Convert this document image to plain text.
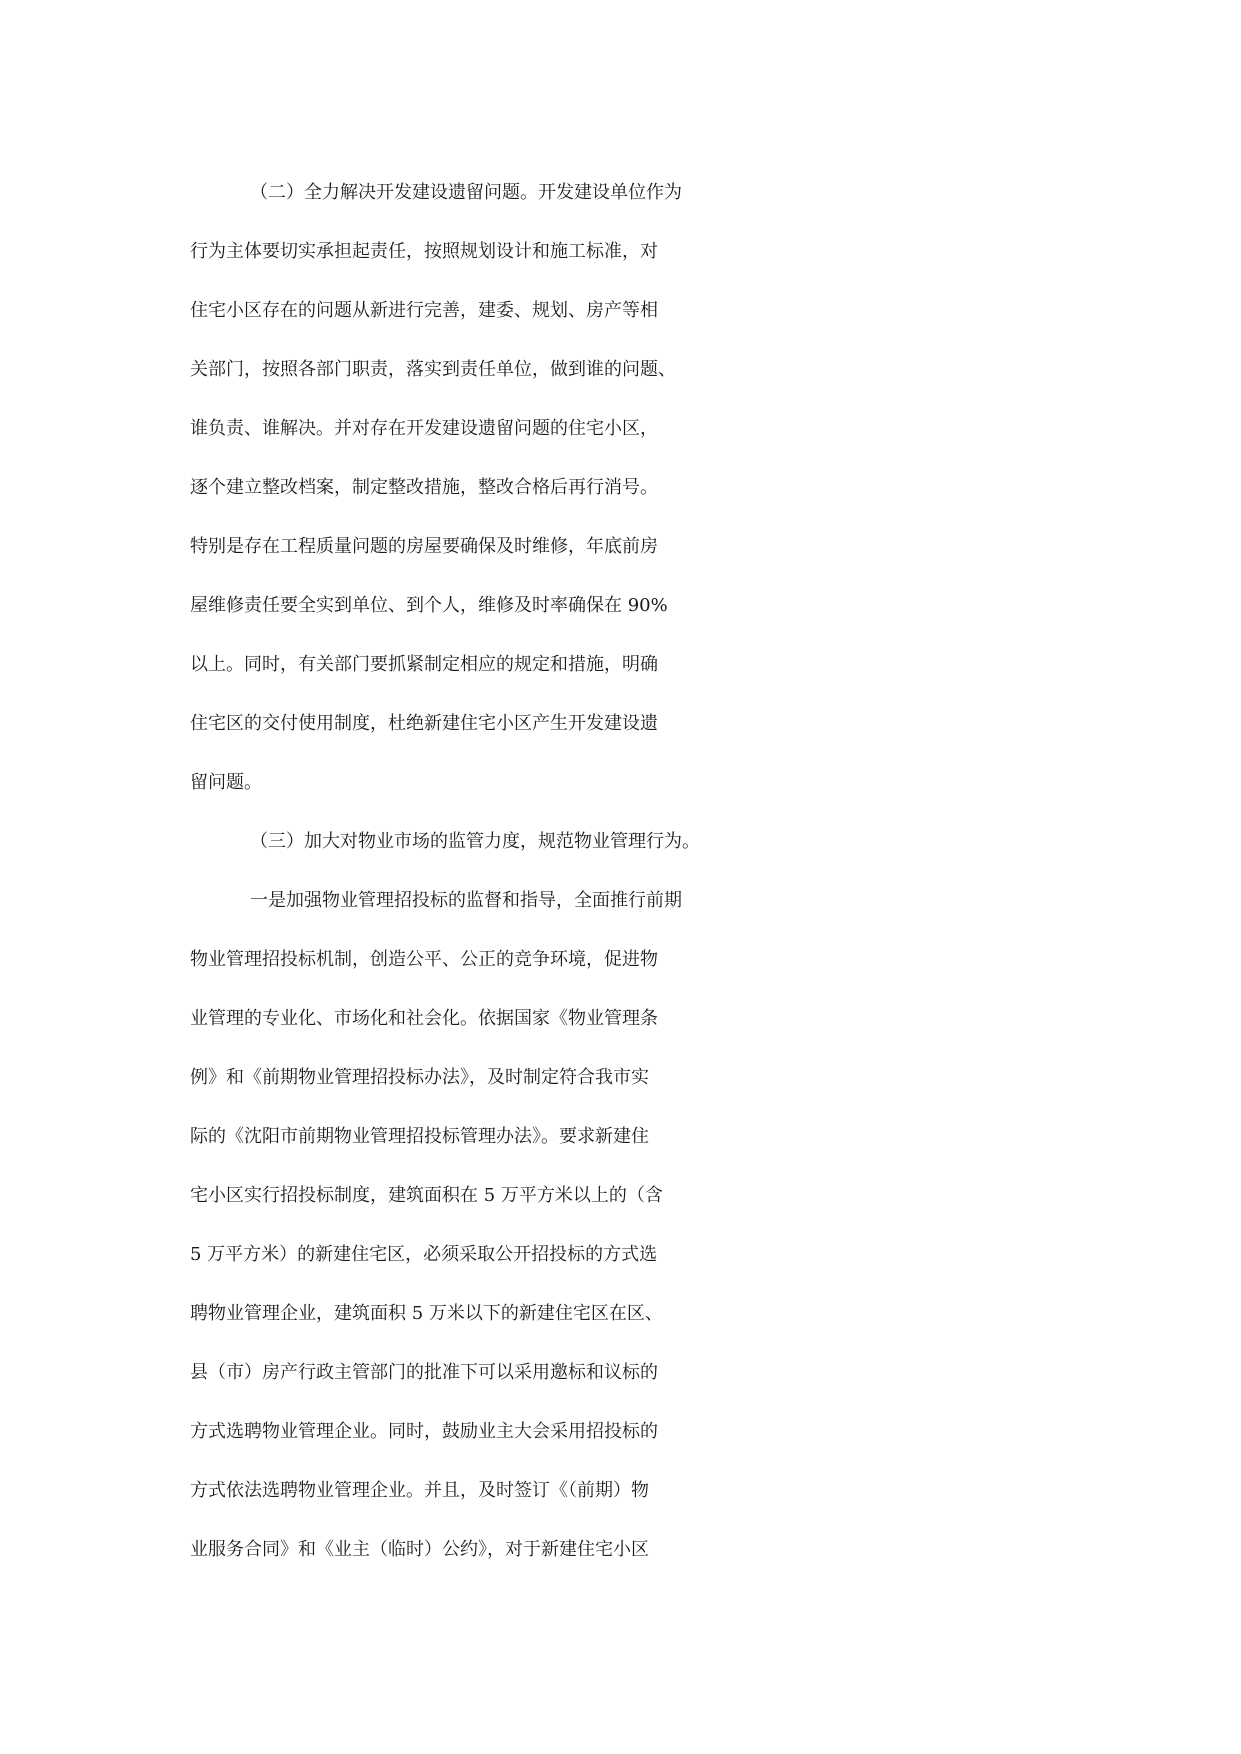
（二）全力解决开发建设遗留问题。开发建设单位作为
行为主体要切实承担起责任，按照规划设计和施工标准，对
住宅小区存在的问题从新进行完善，建委、规划、房产等相
关部门，按照各部门职责，落实到责任单位，做到谁的问题、
谁负责、谁解决。并对存在开发建设遗留问题的住宅小区，
逐个建立整改档案，制定整改措施，整改合格后再行消号。
特别是存在工程质量问题的房屋要确保及时维修，年底前房
屋维修责任要全实到单位、到个人，维修及时率确保在 90%
以上。同时，有关部门要抓紧制定相应的规定和措施，明确
住宅区的交付使用制度，杜绝新建住宅小区产生开发建设遗
留问题。
（三）加大对物业市场的监管力度，规范物业管理行为。
一是加强物业管理招投标的监督和指导，全面推行前期
物业管理招投标机制，创造公平、公正的竞争环境，促进物
业管理的专业化、市场化和社会化。依据国家《物业管理条
例》和《前期物业管理招投标办法》，及时制定符合我市实
际的《沈阳市前期物业管理招投标管理办法》。要求新建住
宅小区实行招投标制度，建筑面积在 5 万平方米以上的（含
5 万平方米）的新建住宅区，必须采取公开招投标的方式选
聘物业管理企业，建筑面积 5 万米以下的新建住宅区在区、
县（市）房产行政主管部门的批准下可以采用邀标和议标的
方式选聘物业管理企业。同时，鼓励业主大会采用招投标的
方式依法选聘物业管理企业。并且，及时签订《（前期）物
业服务合同》和《业主（临时）公约》，对于新建住宅小区
